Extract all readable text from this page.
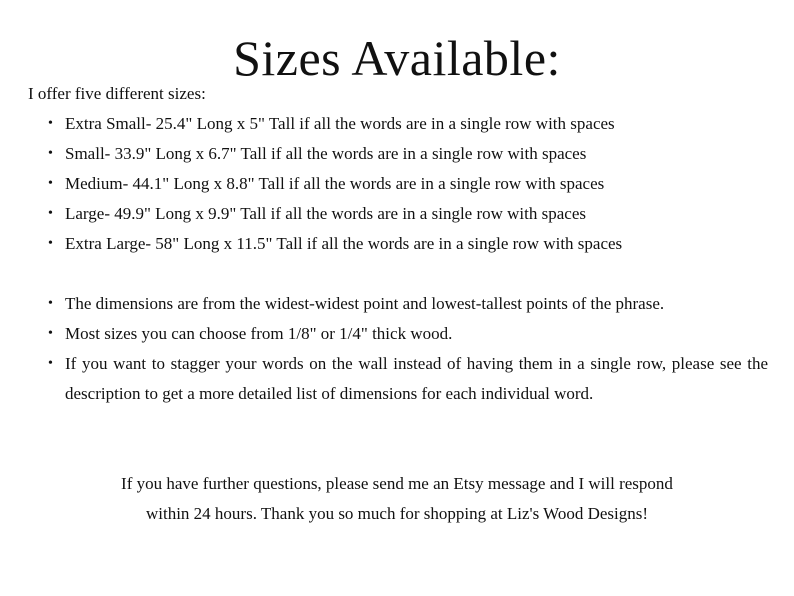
Sizes Available:
I offer five different sizes:
• Extra Small- 25.4" Long x 5" Tall if all the words are in a single row with spaces
• Small- 33.9" Long x 6.7" Tall if all the words are in a single row with spaces
• Medium- 44.1" Long x 8.8" Tall if all the words are in a single row with spaces
• Large- 49.9" Long x 9.9" Tall if all the words are in a single row with spaces
• Extra Large- 58" Long x 11.5" Tall if all the words are in a single row with spaces
• The dimensions are from the widest-widest point and lowest-tallest points of the phrase.
• Most sizes you can choose from 1/8" or 1/4" thick wood.
• If you want to stagger your words on the wall instead of having them in a single row, please see the description to get a more detailed list of dimensions for each individual word.
If you have further questions, please send me an Etsy message and I will respond
within 24 hours. Thank you so much for shopping at Liz's Wood Designs!
